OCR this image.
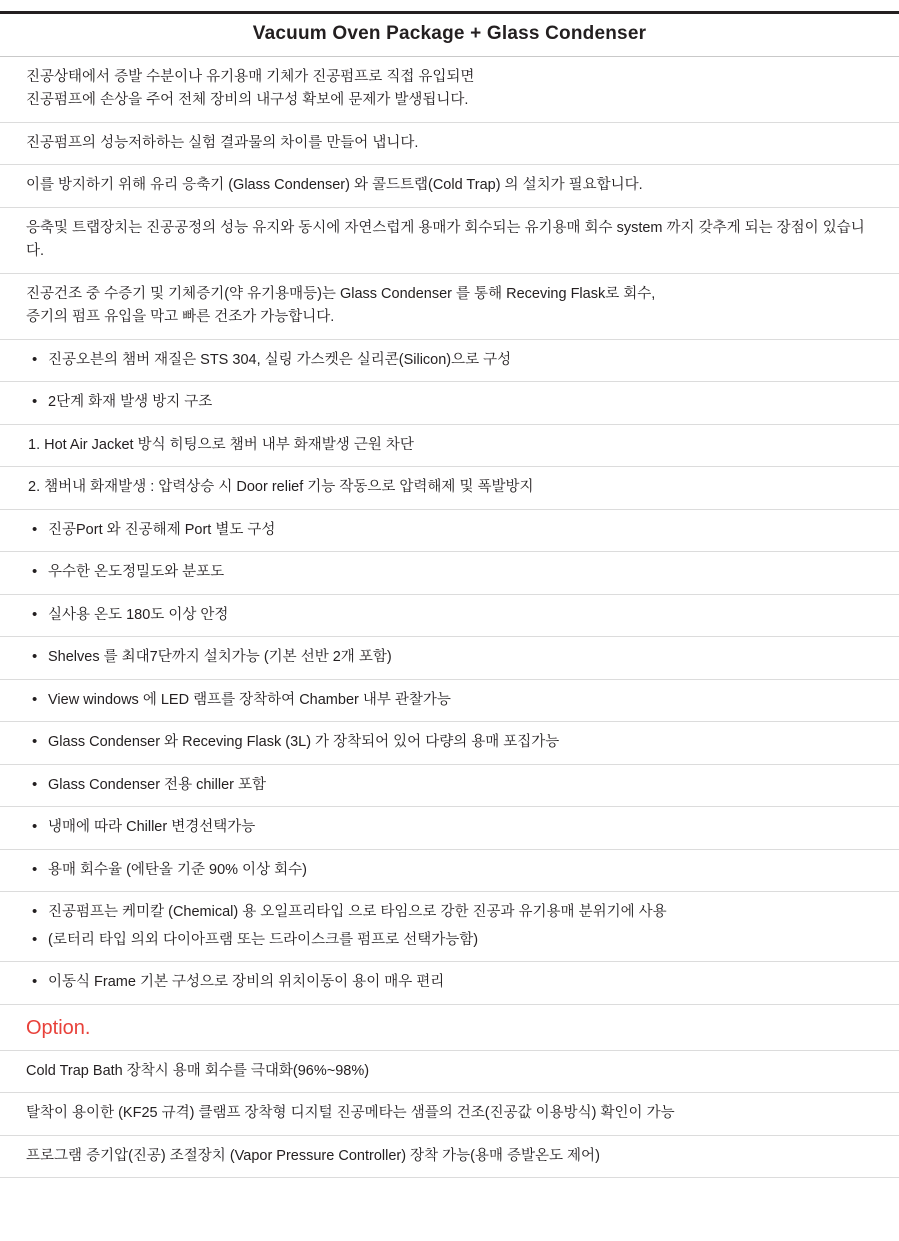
Vacuum Oven Package + Glass Condenser

진공상태에서 증발 수분이나 유기용매 기체가 진공펌프로 직접 유입되면

진공펌프에 손상을 주어 전체 장비의 내구성 확보에 문제가 발생됩니다.

진공펌프의 성능저하하는 실험 결과물의 차이를 만들어 냅니다.

이를 방지하기 위해 유리 응축기 (Glass Condenser) 와 콜드트랩(Cold Trap) 의 설치가 필요합니다.

응축및 트랩장치는 진공공정의 성능 유지와 동시에 자연스럽게 용매가 회수되는 유기용매 회수 system 까지 갖추게 되는 장점이 있습니다.

진공건조 중 수증기 및 기체증기(약 유기용매등)는 Glass Condenser 를 통해 Receving Flask로 회수,

증기의 펌프 유입을 막고 빠른 건조가 가능합니다.

• 진공오븐의 챔버 재질은 STS 304, 실링 가스켓은 실리콘(Silicon)으로 구성
• 2단계 화재 발생 방지 구조
1. Hot Air Jacket 방식 히팅으로 챔버 내부 화재발생 근원 차단
2. 챔버내 화재발생 : 압력상승 시 Door relief 기능 작동으로 압력해제 및 폭발방지
• 진공Port 와 진공해제 Port 별도 구성
• 우수한 온도정밀도와 분포도
• 실사용 온도 180도 이상 안정
• Shelves 를 최대7단까지 설치가능 (기본 선반 2개 포함)
• View windows 에 LED 램프를 장착하여 Chamber 내부 관찰가능
• Glass Condenser 와 Receving Flask (3L) 가 장착되어 있어 다량의 용매 포집가능
• Glass Condenser 전용 chiller 포함
• 냉매에 따라 Chiller 변경선택가능
• 용매 회수율 (에탄올 기준 90% 이상 회수)
• 진공펌프는 케미칼 (Chemical) 용 오일프리타입 으로 타임으로 강한 진공과 유기용매 분위기에 사용
• (로터리 타입 의외 다이아프램 또는 드라이스크를 펌프로 선택가능함)
• 이동식 Frame 기본 구성으로 장비의 위치이동이 용이 매우 편리
Option.
Cold Trap Bath 장착시 용매 회수를 극대화(96%~98%)
탈착이 용이한 (KF25 규격) 클램프 장착형 디지털 진공메타는 샘플의 건조(진공값 이용방식) 확인이 가능
프로그램 증기압(진공) 조절장치 (Vapor Pressure Controller) 장착 가능(용매 증발온도 제어)
